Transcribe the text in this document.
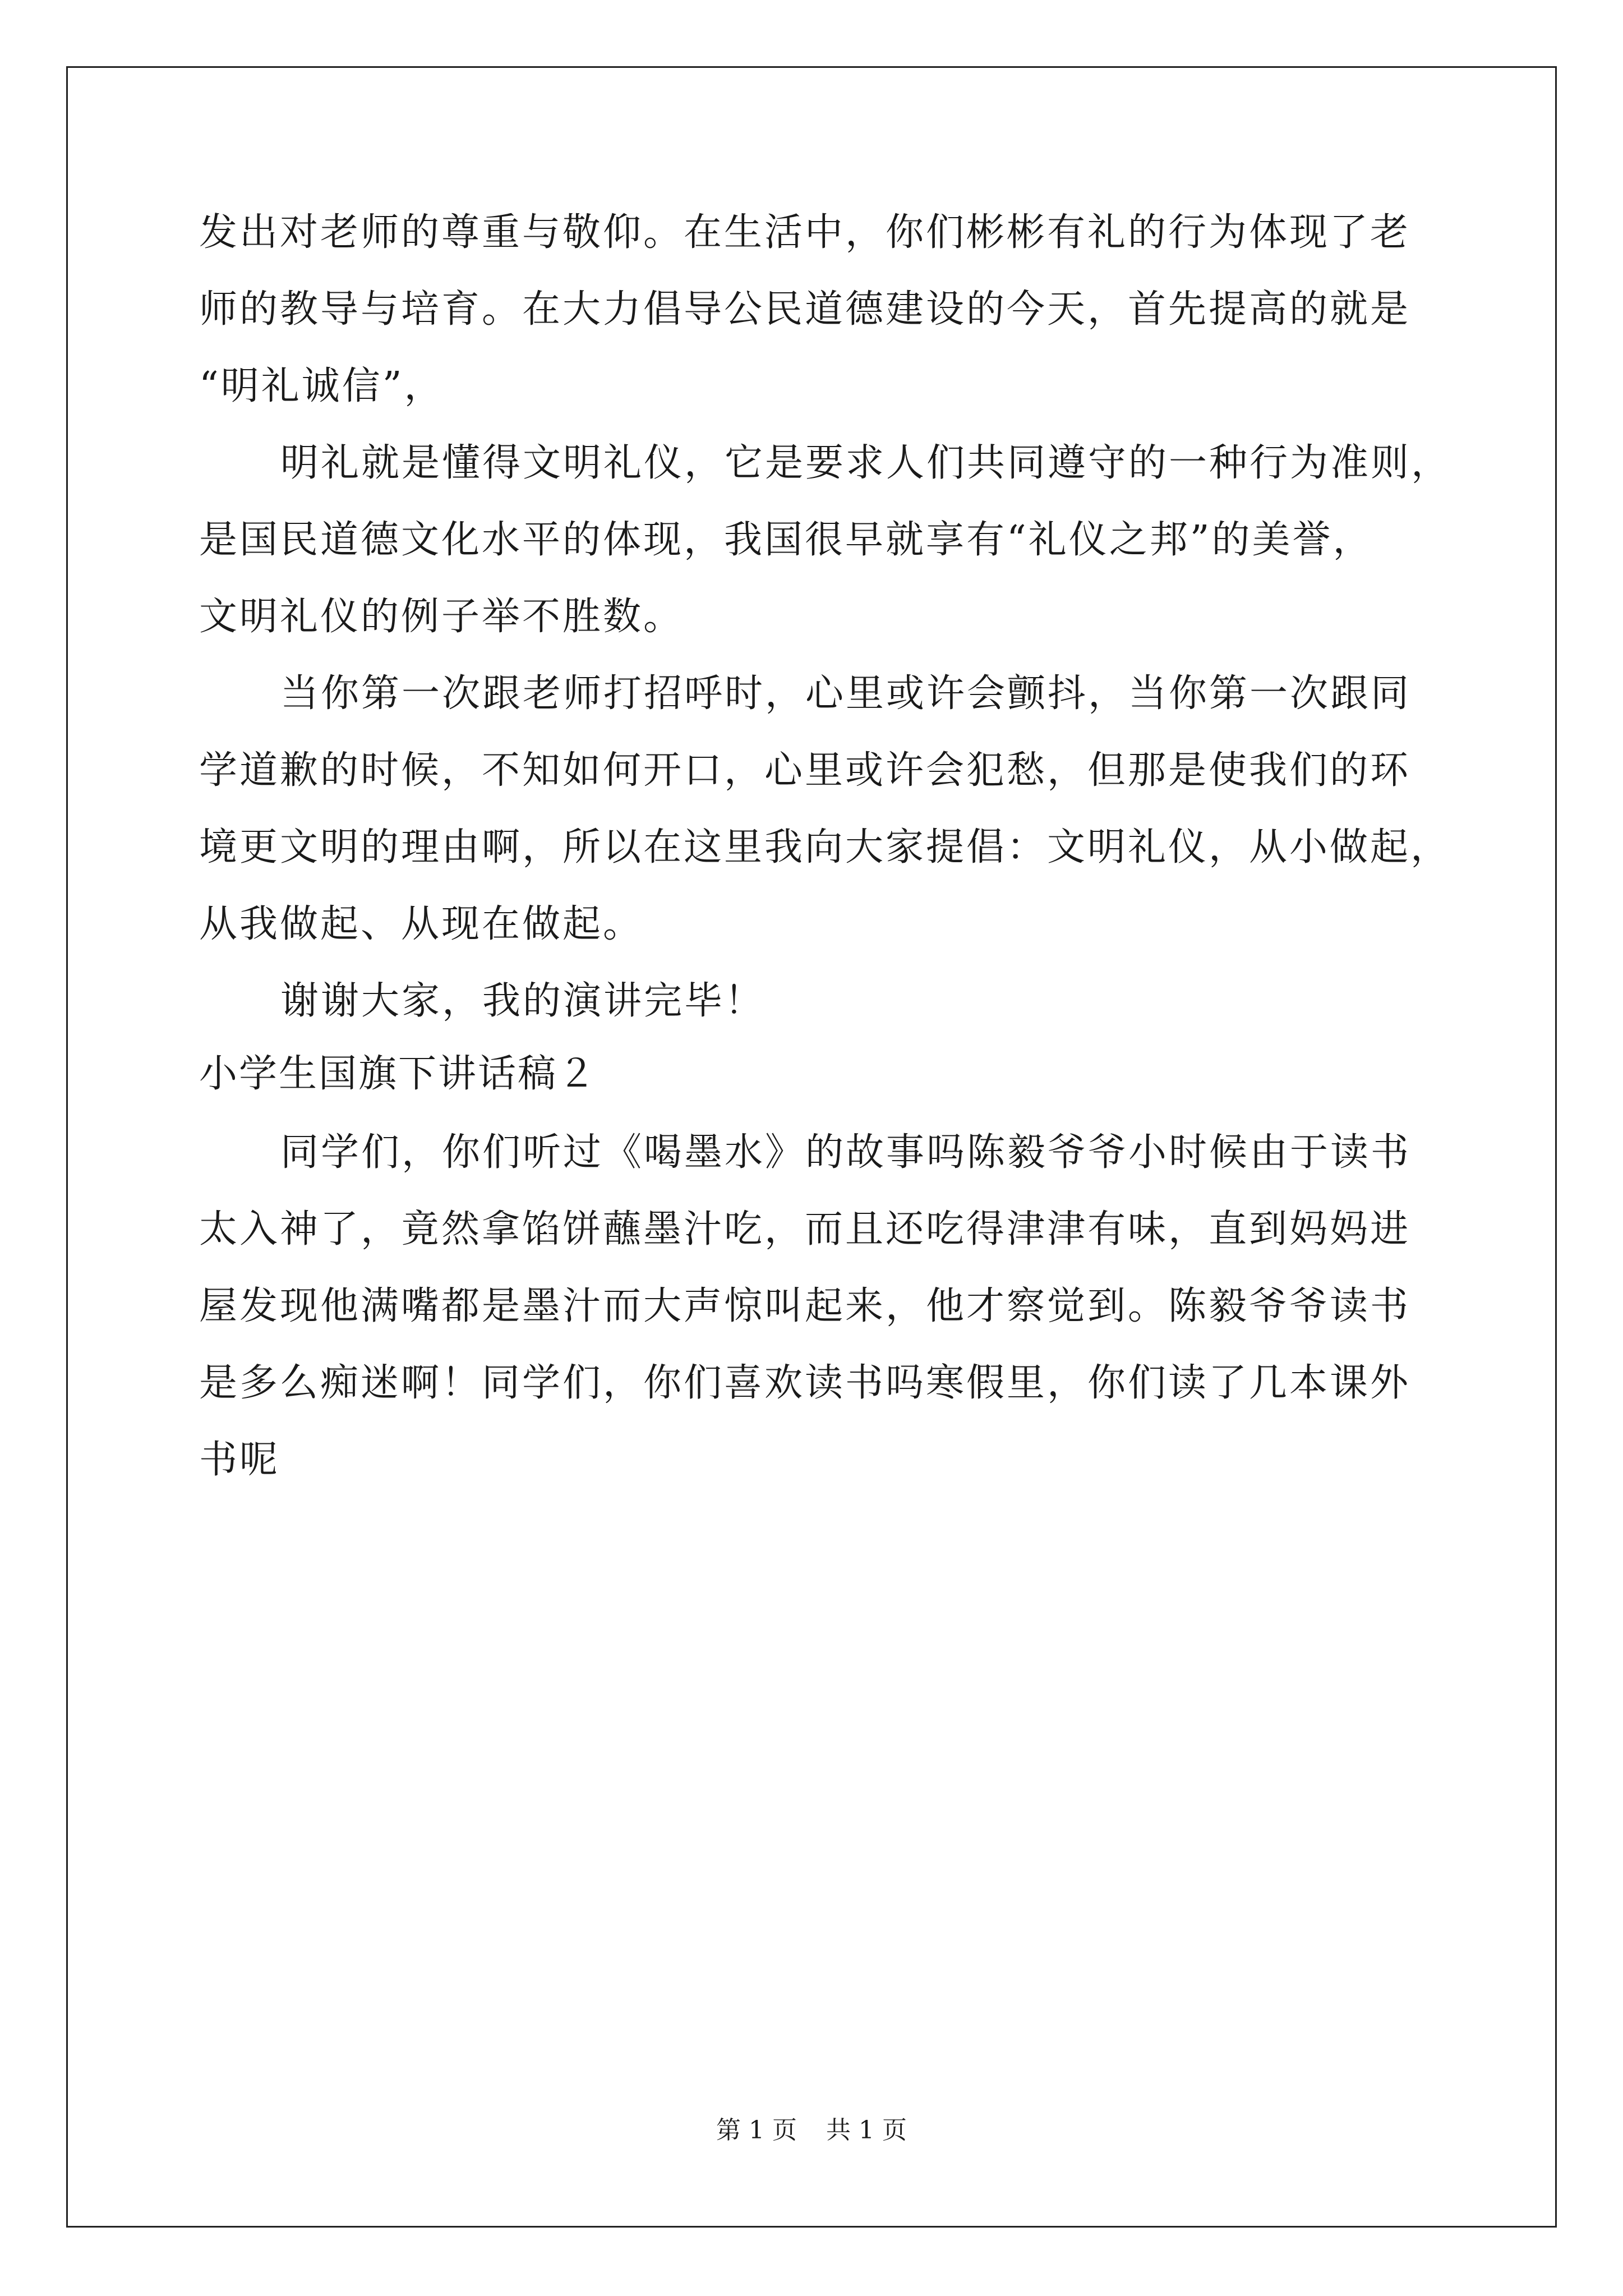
发出对老师的尊重与敬仰。在生活中，你们彬彬有礼的行为体现了老
师的教导与培育。在大力倡导公民道德建设的今天，首先提高的就是
“明礼诚信”，
明礼就是懂得文明礼仪，它是要求人们共同遵守的一种行为准则，
是国民道德文化水平的体现，我国很早就享有“礼仪之邦”的美誉，
文明礼仪的例子举不胜数。
当你第一次跟老师打招呼时，心里或许会颤抖，当你第一次跟同
学道歉的时候，不知如何开口，心里或许会犯愁，但那是使我们的环
境更文明的理由啊，所以在这里我向大家提倡：文明礼仪，从小做起，
从我做起、从现在做起。
谢谢大家，我的演讲完毕！
小学生国旗下讲话稿２
同学们，你们听过《喝墨水》的故事吗陈毅爷爷小时候由于读书
太入神了，竟然拿馅饼蘸墨汁吃，而且还吃得津津有味，直到妈妈进
屋发现他满嘴都是墨汁而大声惊叫起来，他才察觉到。陈毅爷爷读书
是多么痴迷啊！同学们，你们喜欢读书吗寒假里，你们读了几本课外
书呢
第 1 页 共 1 页
